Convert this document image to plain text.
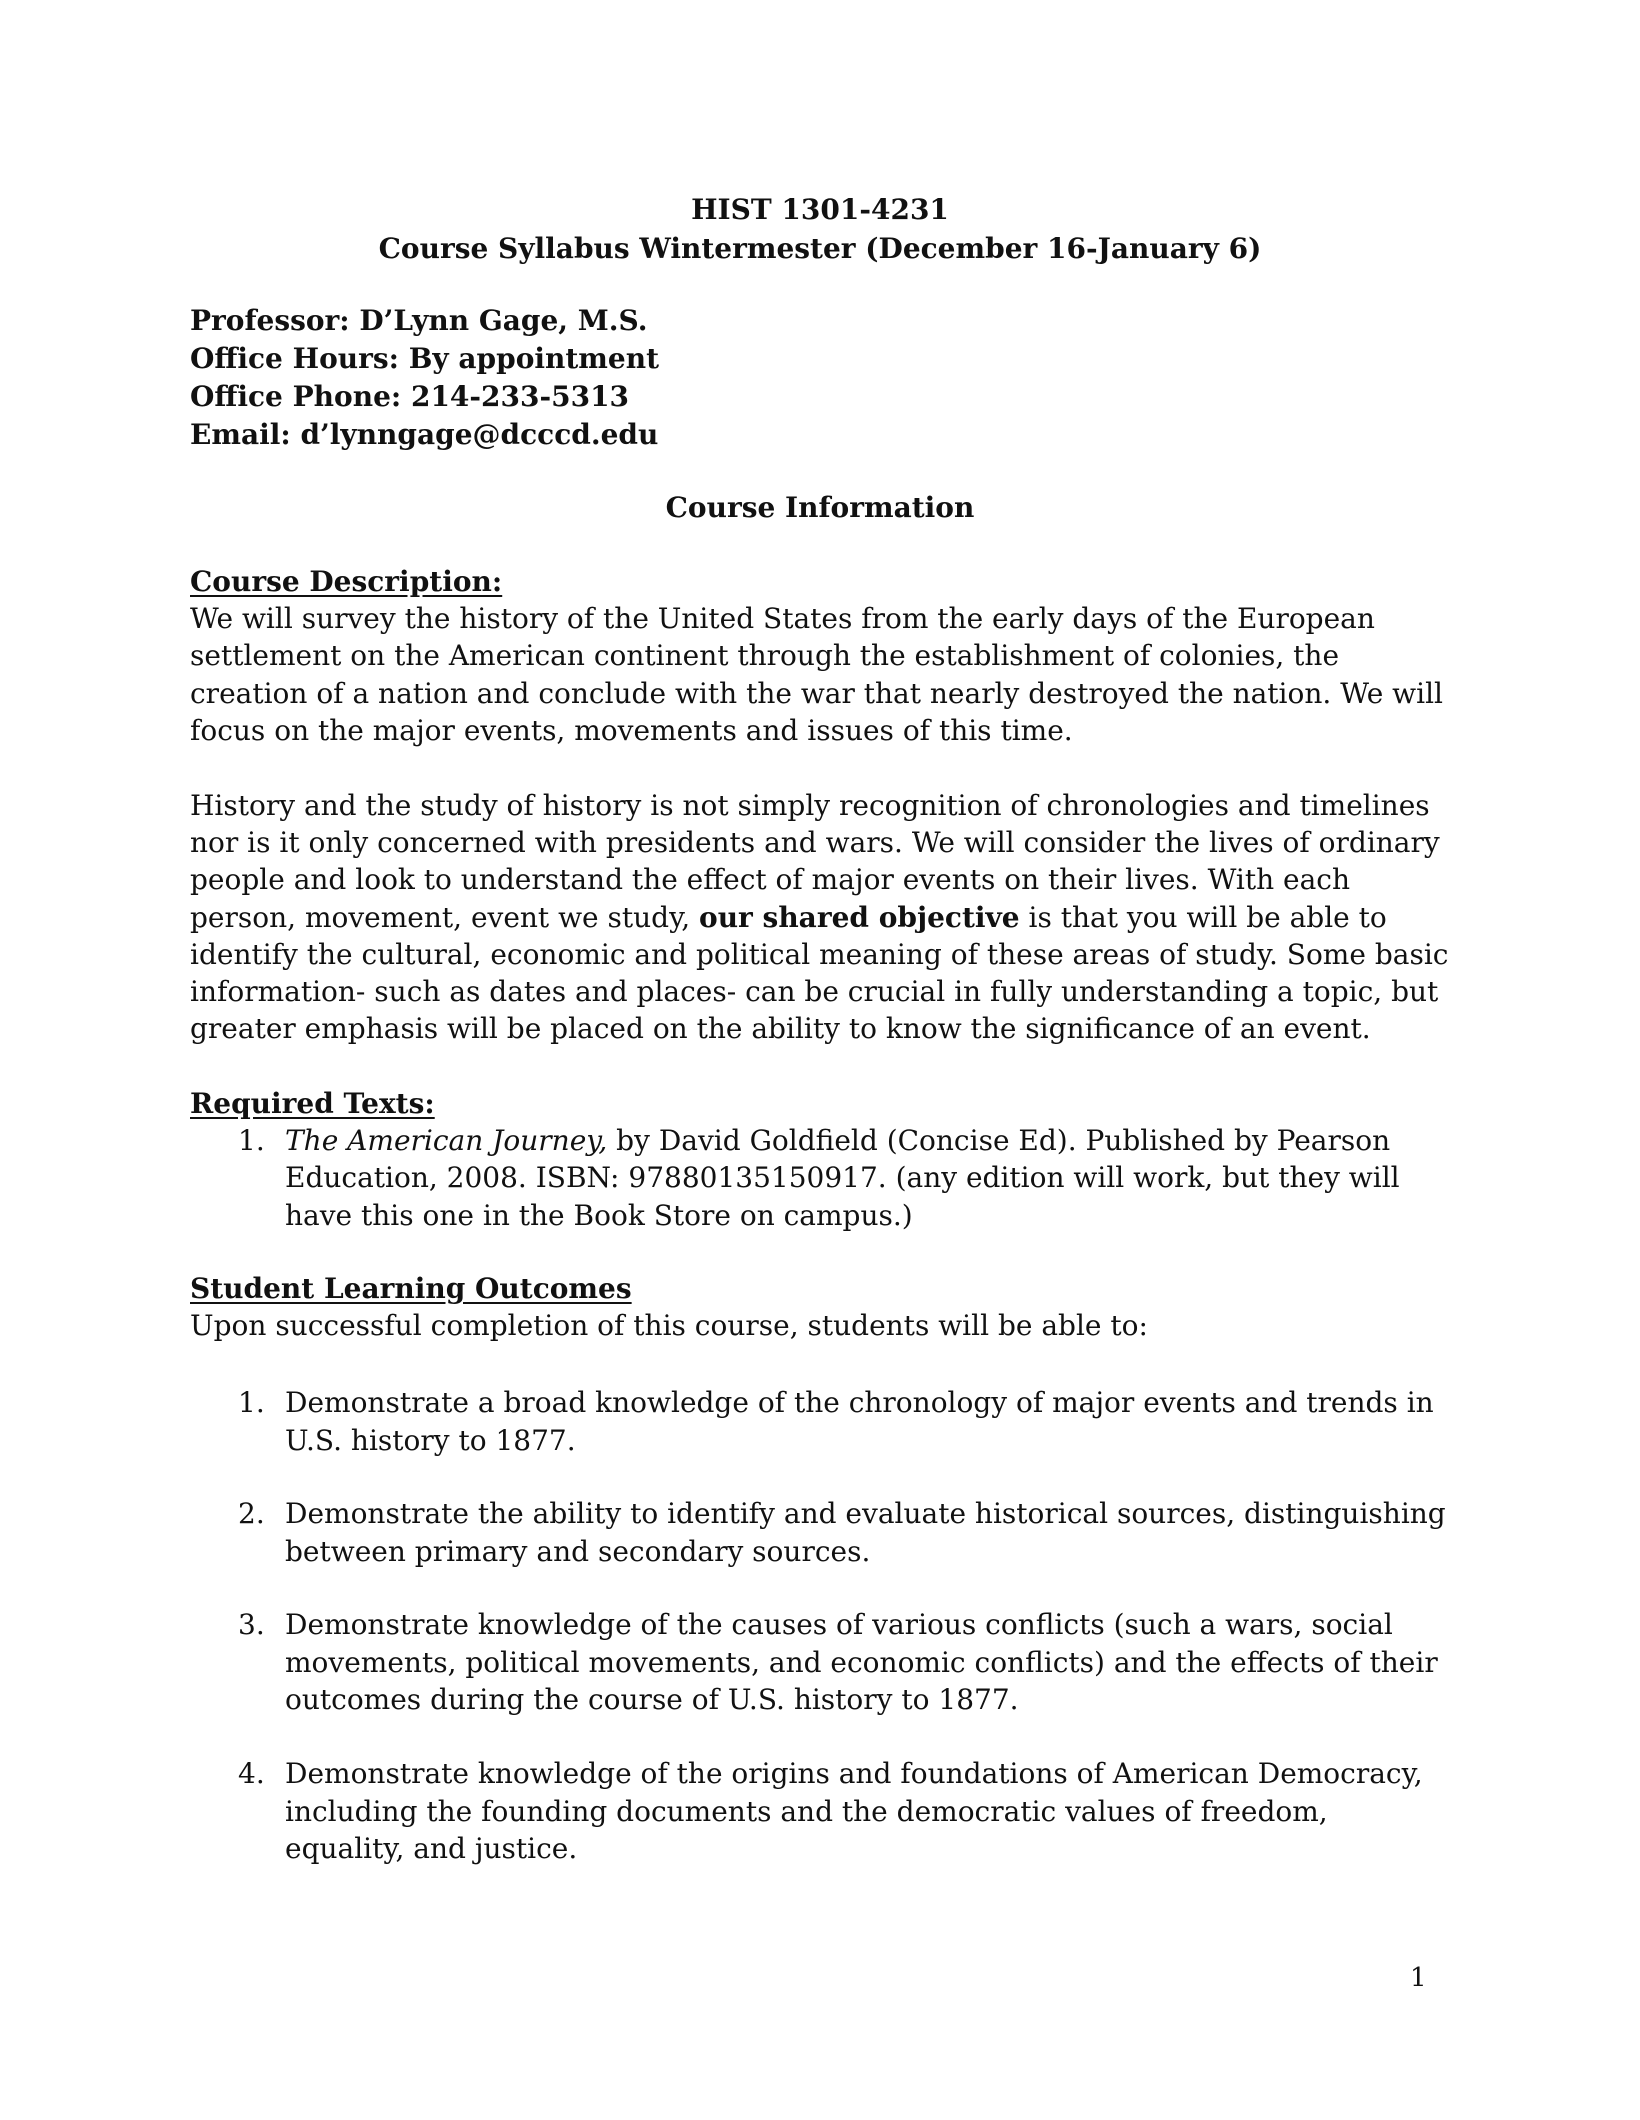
HIST 1301-4231
Course Syllabus Wintermester (December 16-January 6)
Professor: D’Lynn Gage, M.S.
Office Hours: By appointment
Office Phone: 214-233-5313
Email: d’lynngage@dcccd.edu
Course Information
Course Description:

We will survey the history of the United States from the early days of the European settlement on the American continent through the establishment of colonies, the creation of a nation and conclude with the war that nearly destroyed the nation. We will focus on the major events, movements and issues of this time.

History and the study of history is not simply recognition of chronologies and timelines nor is it only concerned with presidents and wars. We will consider the lives of ordinary people and look to understand the effect of major events on their lives. With each person, movement, event we study, our shared objective is that you will be able to identify the cultural, economic and political meaning of these areas of study. Some basic information- such as dates and places- can be crucial in fully understanding a topic, but greater emphasis will be placed on the ability to know the significance of an event.

Required Texts:
1. The American Journey, by David Goldfield (Concise Ed). Published by Pearson Education, 2008. ISBN: 97880135150917. (any edition will work, but they will have this one in the Book Store on campus.)
Student Learning Outcomes
Upon successful completion of this course, students will be able to:
1. Demonstrate a broad knowledge of the chronology of major events and trends in U.S. history to 1877.
2. Demonstrate the ability to identify and evaluate historical sources, distinguishing between primary and secondary sources.
3. Demonstrate knowledge of the causes of various conflicts (such a wars, social movements, political movements, and economic conflicts) and the effects of their outcomes during the course of U.S. history to 1877.
4. Demonstrate knowledge of the origins and foundations of American Democracy, including the founding documents and the democratic values of freedom, equality, and justice.
1
